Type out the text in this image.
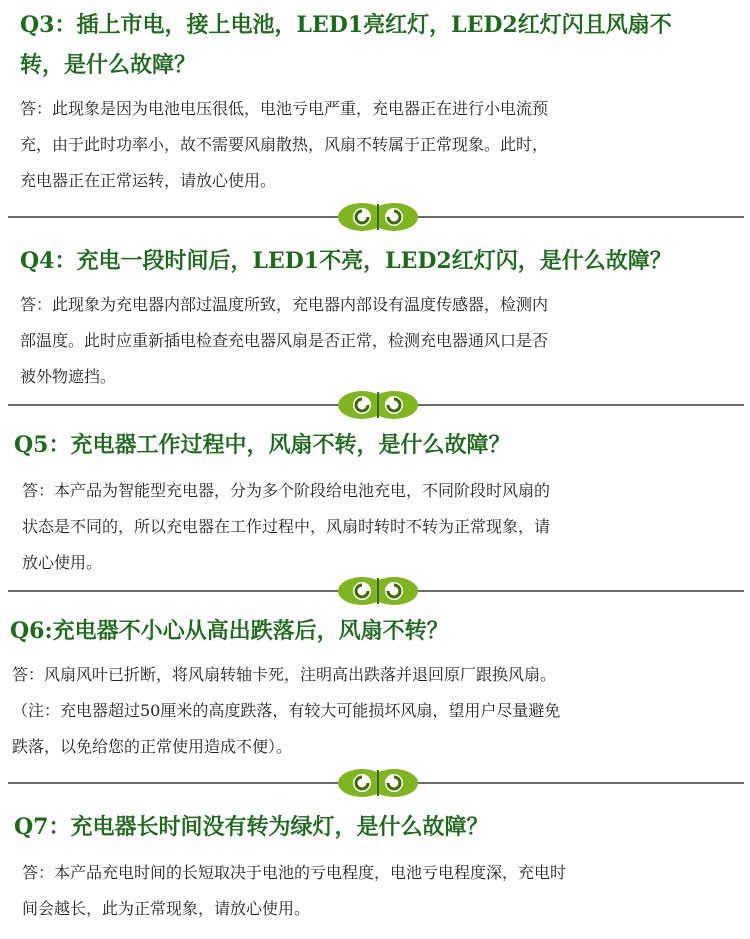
Q3：插上市电，接上电池，LED1亮红灯，LED2红灯闪且风扇不
转，是什么故障？
答：此现象是因为电池电压很低，电池亏电严重，充电器正在进行小电流预
充，由于此时功率小，故不需要风扇散热，风扇不转属于正常现象。此时，
充电器正在正常运转，请放心使用。
Q4：充电一段时间后，LED1不亮，LED2红灯闪，是什么故障？
答：此现象为充电器内部过温度所致，充电器内部设有温度传感器，检测内
部温度。此时应重新插电检查充电器风扇是否正常，检测充电器通风口是否
被外物遮挡。
Q5：充电器工作过程中，风扇不转，是什么故障？
答：本产品为智能型充电器，分为多个阶段给电池充电，不同阶段时风扇的
状态是不同的，所以充电器在工作过程中，风扇时转时不转为正常现象，请
放心使用。
Q6:充电器不小心从高出跌落后，风扇不转？
答：风扇风叶已折断，将风扇转轴卡死，注明高出跌落并退回原厂跟换风扇。
（注：充电器超过50厘米的高度跌落，有较大可能损坏风扇，望用户尽量避免
跌落，以免给您的正常使用造成不便）。
Q7：充电器长时间没有转为绿灯，是什么故障？
答：本产品充电时间的长短取决于电池的亏电程度，电池亏电程度深，充电时
间会越长，此为正常现象，请放心使用。
